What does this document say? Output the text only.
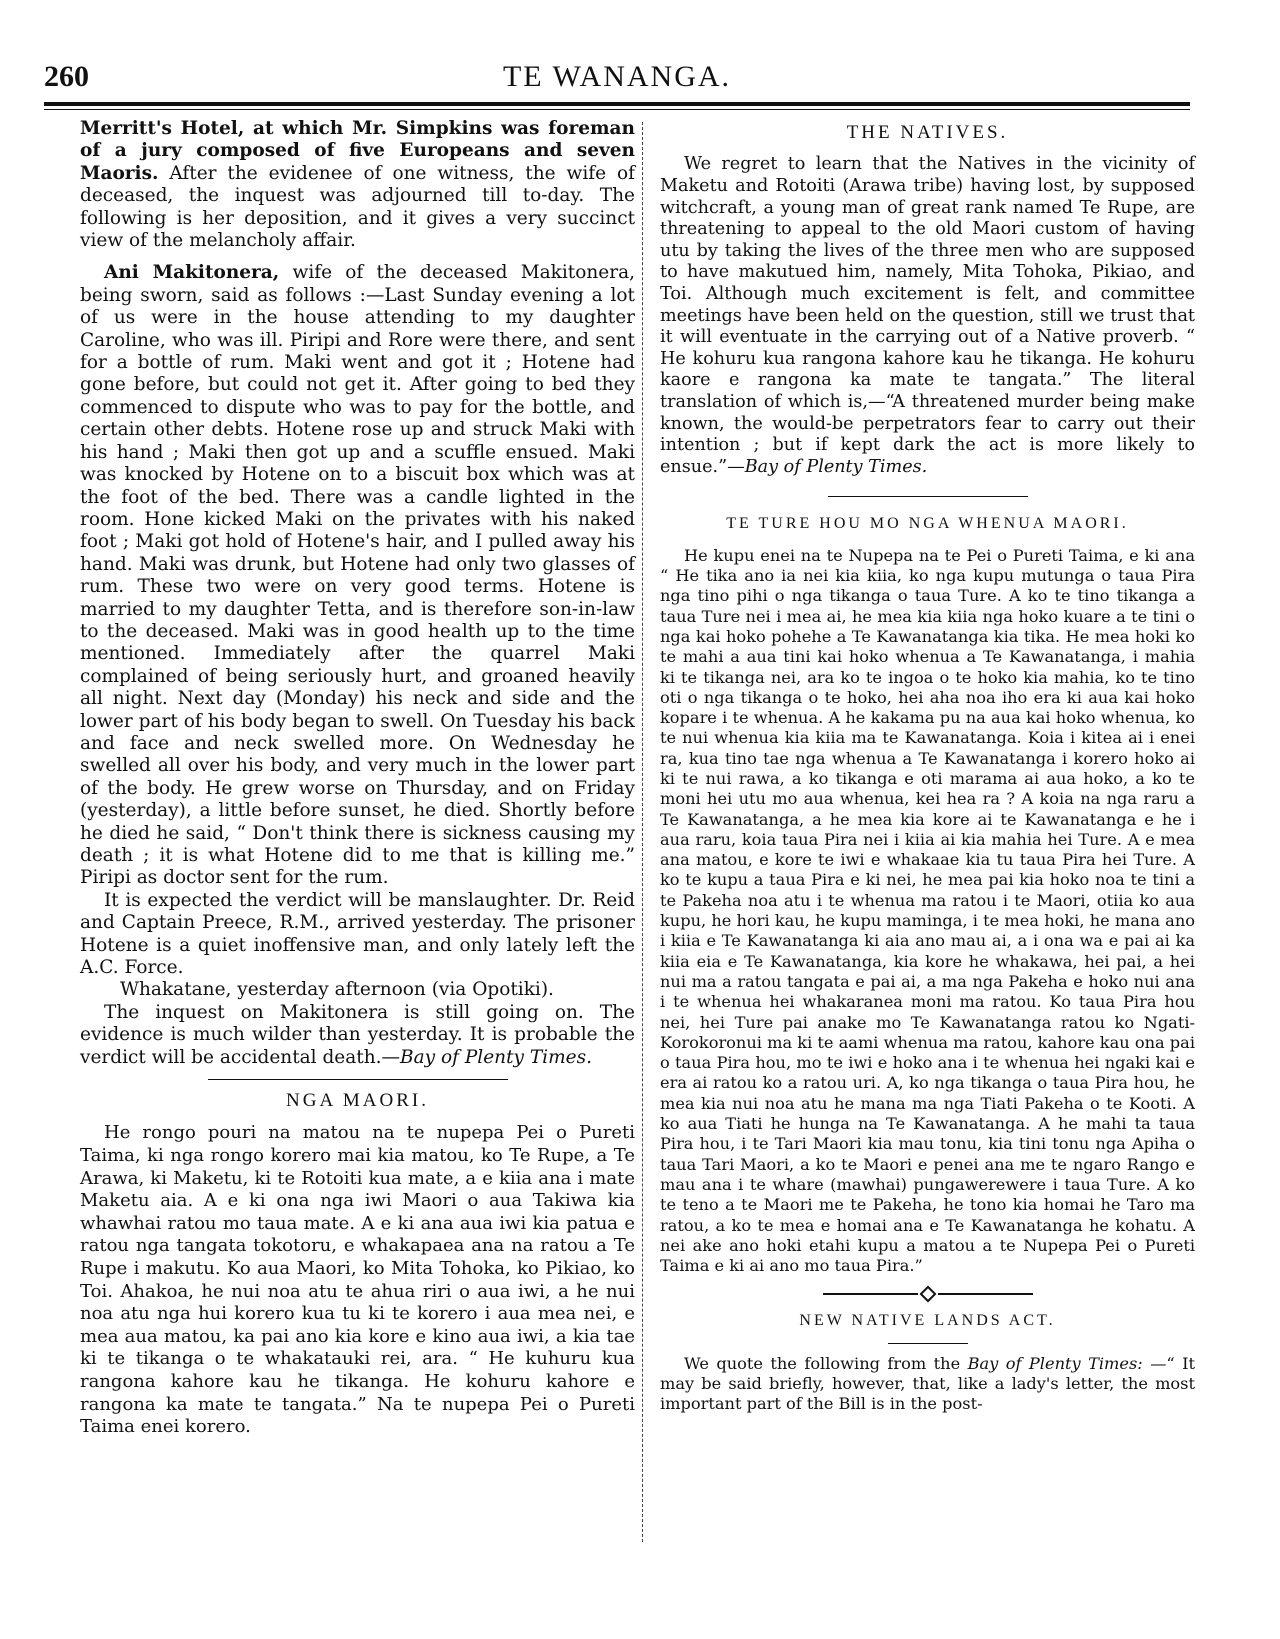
260	TE WANANGA.

Merritt's Hotel, at which Mr. Simpkins was foreman of a jury composed of five Europeans and seven Maoris. After the evidenee of one witness, the wife of deceased, the inquest was adjourned till to-day. The following is her deposition, and it gives a very succinct view of the melancholy affair.

Ani Makitonera, wife of the deceased Makitonera, being sworn, said as follows :—Last Sunday evening a lot of us were in the house attending to my daughter Caroline, who was ill. Piripi and Rore were there, and sent for a bottle of rum. Maki went and got it ; Hotene had gone before, but could not get it. After going to bed they commenced to dispute who was to pay for the bottle, and certain other debts. Hotene rose up and struck Maki with his hand ; Maki then got up and a scuffle ensued. Maki was knocked by Hotene on to a biscuit box which was at the foot of the bed. There was a candle lighted in the room. Hone kicked Maki on the privates with his naked foot ; Maki got hold of Hotene's hair, and I pulled away his hand. Maki was drunk, but Hotene had only two glasses of rum. These two were on very good terms. Hotene is married to my daughter Tetta, and is therefore son-in-law to the deceased. Maki was in good health up to the time mentioned. Immediately after the quarrel Maki complained of being seriously hurt, and groaned heavily all night. Next day (Monday) his neck and side and the lower part of his body began to swell. On Tuesday his back and face and neck swelled more. On Wednesday he swelled all over his body, and very much in the lower part of the body. He grew worse on Thursday, and on Friday (yesterday), a little before sunset, he died. Shortly before he died he said, “ Don't think there is sickness causing my death ; it is what Hotene did to me that is killing me.” Piripi as doctor sent for the rum.

It is expected the verdict will be manslaughter. Dr. Reid and Captain Preece, R.M., arrived yesterday. The prisoner Hotene is a quiet inoffensive man, and only lately left the A.C. Force.

Whakatane, yesterday afternoon (via Opotiki).

The inquest on Makitonera is still going on. The evidence is much wilder than yesterday. It is probable the verdict will be accidental death.—Bay of Plenty Times.

NGA MAORI.

He rongo pouri na matou na te nupepa Pei o Pureti Taima, ki nga rongo korero mai kia matou, ko Te Rupe, a Te Arawa, ki Maketu, ki te Rotoiti kua mate, a e kiia ana i mate Maketu aia. A e ki ona nga iwi Maori o aua Takiwa kia whawhai ratou mo taua mate. A e ki ana aua iwi kia patua e ratou nga tangata tokotoru, e whakapaea ana na ratou a Te Rupe i makutu. Ko aua Maori, ko Mita Tohoka, ko Pikiao, ko Toi. Ahakoa, he nui noa atu te ahua riri o aua iwi, a he nui noa atu nga hui korero kua tu ki te korero i aua mea nei, e mea aua matou, ka pai ano kia kore e kino aua iwi, a kia tae ki te tikanga o te whakatauki rei, ara. “ He kuhuru kua rangona kahore kau he tikanga. He kohuru kahore e rangona ka mate te tangata.” Na te nupepa Pei o Pureti Taima enei korero.

THE NATIVES.

We regret to learn that the Natives in the vicinity of Maketu and Rotoiti (Arawa tribe) having lost, by supposed witchcraft, a young man of great rank named Te Rupe, are threatening to appeal to the old Maori custom of having utu by taking the lives of the three men who are supposed to have makutued him, namely, Mita Tohoka, Pikiao, and Toi. Although much excitement is felt, and committee meetings have been held on the question, still we trust that it will eventuate in the carrying out of a Native proverb. “ He kohuru kua rangona kahore kau he tikanga. He kohuru kaore e rangona ka mate te tangata.” The literal translation of which is,—“A threatened murder being make known, the would-be perpetrators fear to carry out their intention ; but if kept dark the act is more likely to ensue.”—Bay of Plenty Times.

TE TURE HOU MO NGA WHENUA MAORI.

He kupu enei na te Nupepa na te Pei o Pureti Taima, e ki ana “ He tika ano ia nei kia kiia, ko nga kupu mutunga o taua Pira nga tino pihi o nga tikanga o taua Ture. A ko te tino tikanga a taua Ture nei i mea ai, he mea kia kiia nga hoko kuare a te tini o nga kai hoko pohehe a Te Kawanatanga kia tika. He mea hoki ko te mahi a aua tini kai hoko whenua a Te Kawanatanga, i mahia ki te tikanga nei, ara ko te ingoa o te hoko kia mahia, ko te tino oti o nga tikanga o te hoko, hei aha noa iho era ki aua kai hoko kopare i te whenua. A he kakama pu na aua kai hoko whenua, ko te nui whenua kia kiia ma te Kawanatanga. Koia i kitea ai i enei ra, kua tino tae nga whenua a Te Kawanatanga i korero hoko ai ki te nui rawa, a ko tikanga e oti marama ai aua hoko, a ko te moni hei utu mo aua whenua, kei hea ra ? A koia na nga raru a Te Kawanatanga, a he mea kia kore ai te Kawanatanga e he i aua raru, koia taua Pira nei i kiia ai kia mahia hei Ture. A e mea ana matou, e kore te iwi e whakaae kia tu taua Pira hei Ture. A ko te kupu a taua Pira e ki nei, he mea pai kia hoko noa te tini a te Pakeha noa atu i te whenua ma ratou i te Maori, otiia ko aua kupu, he hori kau, he kupu maminga, i te mea hoki, he mana ano i kiia e Te Kawanatanga ki aia ano mau ai, a i ona wa e pai ai ka kiia eia e Te Kawanatanga, kia kore he whakawa, hei pai, a hei nui ma a ratou tangata e pai ai, a ma nga Pakeha e hoko nui ana i te whenua hei whakaranea moni ma ratou. Ko taua Pira hou nei, hei Ture pai anake mo Te Kawanatanga ratou ko Ngati-Korokoronui ma ki te aami whenua ma ratou, kahore kau ona pai o taua Pira hou, mo te iwi e hoko ana i te whenua hei ngaki kai e era ai ratou ko a ratou uri. A, ko nga tikanga o taua Pira hou, he mea kia nui noa atu he mana ma nga Tiati Pakeha o te Kooti. A ko aua Tiati he hunga na Te Kawanatanga. A he mahi ta taua Pira hou, i te Tari Maori kia mau tonu, kia tini tonu nga Apiha o taua Tari Maori, a ko te Maori e penei ana me te ngaro Rango e mau ana i te whare (mawhai) pungawerewere i taua Ture. A ko te teno a te Maori me te Pakeha, he tono kia homai he Taro ma ratou, a ko te mea e homai ana e Te Kawanatanga he kohatu. A nei ake ano hoki etahi kupu a matou a te Nupepa Pei o Pureti Taima e ki ai ano mo taua Pira.”

NEW NATIVE LANDS ACT.

We quote the following from the Bay of Plenty Times: —“ It may be said briefly, however, that, like a lady's letter, the most important part of the Bill is in the post-
